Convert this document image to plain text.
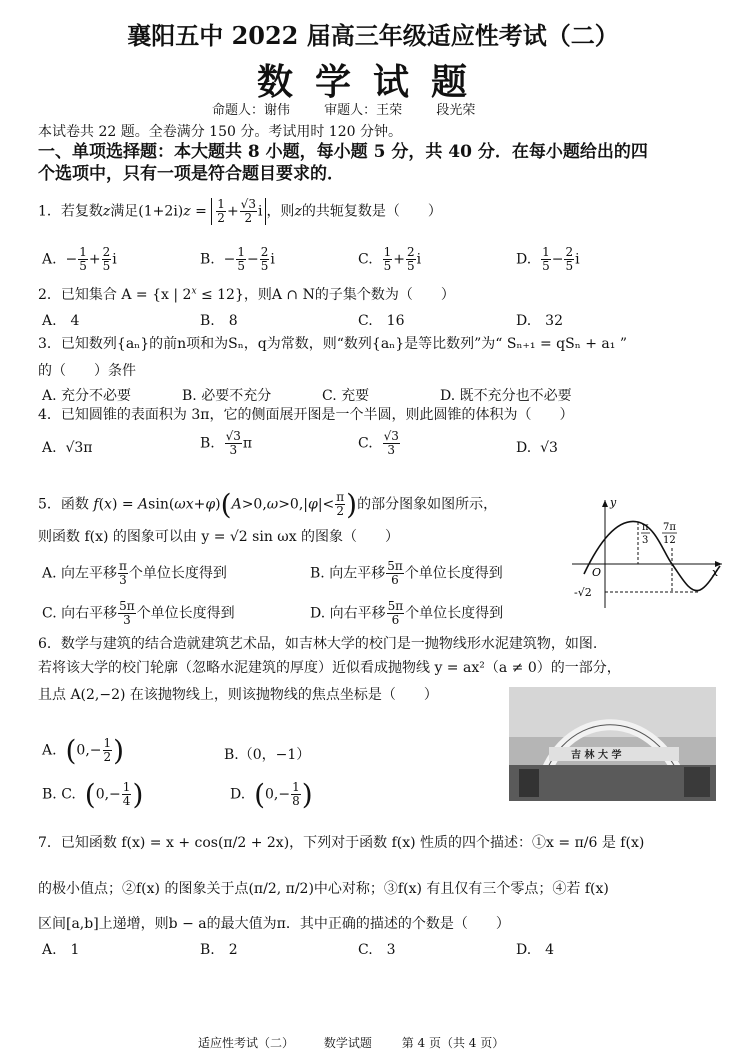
襄阳五中 2022 届高三年级适应性考试（二）
数学试题
命题人：谢伟	审题人：王荣	段光荣
本试卷共 22 题。全卷满分 150 分。考试用时 120 分钟。
一、单项选择题：本大题共 8 小题，每小题 5 分，共 40 分．在每小题给出的四
个选项中，只有一项是符合题目要求的．
1．若复数z满足$(1+2i)z = \frac{1}{2} + \frac{√3}{2}$ i ，则z的共轭复数是（　　）
A.  − $\frac{1}{5} + \frac{2}{5}$ i	B.  − $\frac{1}{5} - \frac{2}{5}$ i	C. $\frac{1}{5} + \frac{2}{5}$ i	D. $\frac{1}{5} - \frac{2}{5}$ i
2．已知集合 A = {x | $2^x \le 12$}，则A ∩ N的子集个数为（　　）
A.　4	B.　8	C.　16	D.　32
3．已知数列{aₙ}的前n项和为Sₙ，q为常数，则“数列{aₙ}是等比数列”为“ Sₙ₊₁ = qSₙ + a₁ ”
的（　　）条件
A. 充分不必要	B. 必要不充分	C. 充要	D. 既不充分也不必要
4．已知圆锥的表面积为 3π，它的侧面展开图是一个半圆，则此圆锥的体积为（　　）
A.  √3π	B. $\frac{√3}{3}$ π	C. $\frac{√3}{3}$	D.  √3
5．函数 $f(x) = Asin(\omega x+\varphi)(A>0,\omega>0,|\varphi|< \frac{\pi}{2}$ )的部分图象如图所示，
则函数 f(x) 的图象可以由 y = √2 sin ωx 的图象（　　）
A. 向左平移 $\frac{\pi}{3}$ 个单位长度得到	B. 向左平移 $\frac{5\pi}{6}$ 个单位长度得到
C. 向右平移 $\frac{5\pi}{3}$ 个单位长度得到	D. 向右平移 $\frac{5\pi}{6}$ 个单位长度得到
y
x
O
π
3
7π
12
-√2
6．数学与建筑的结合造就建筑艺术品，如吉林大学的校门是一抛物线形水泥建筑物，如图.
若将该大学的校门轮廓（忽略水泥建筑的厚度）近似看成抛物线 y = ax²（a ≠ 0）的一部分，
且点 A(2,−2) 在该抛物线上，则该抛物线的焦点坐标是（　　）
A.  ($0,- \frac{1}{2}$ )	B.（0，−1）
B. C.  ($0,- \frac{1}{4}$ )	D.  ($0,- \frac{1}{8}$ )
吉 林 大 学
7．已知函数 f(x) = x + cos(π/2 + 2x)，下列对于函数 f(x) 性质的四个描述：①x = π/6 是 f(x)
的极小值点；②f(x) 的图象关于点(π/2, π/2)中心对称；③f(x) 有且仅有三个零点；④若 f(x)
区间[a,b]上递增，则b − a的最大值为π．其中正确的描述的个数是（　　）
A.　1	B.　2	C.　3	D.　4
适应性考试（二） 数学试题 第 4 页（共 4 页）
